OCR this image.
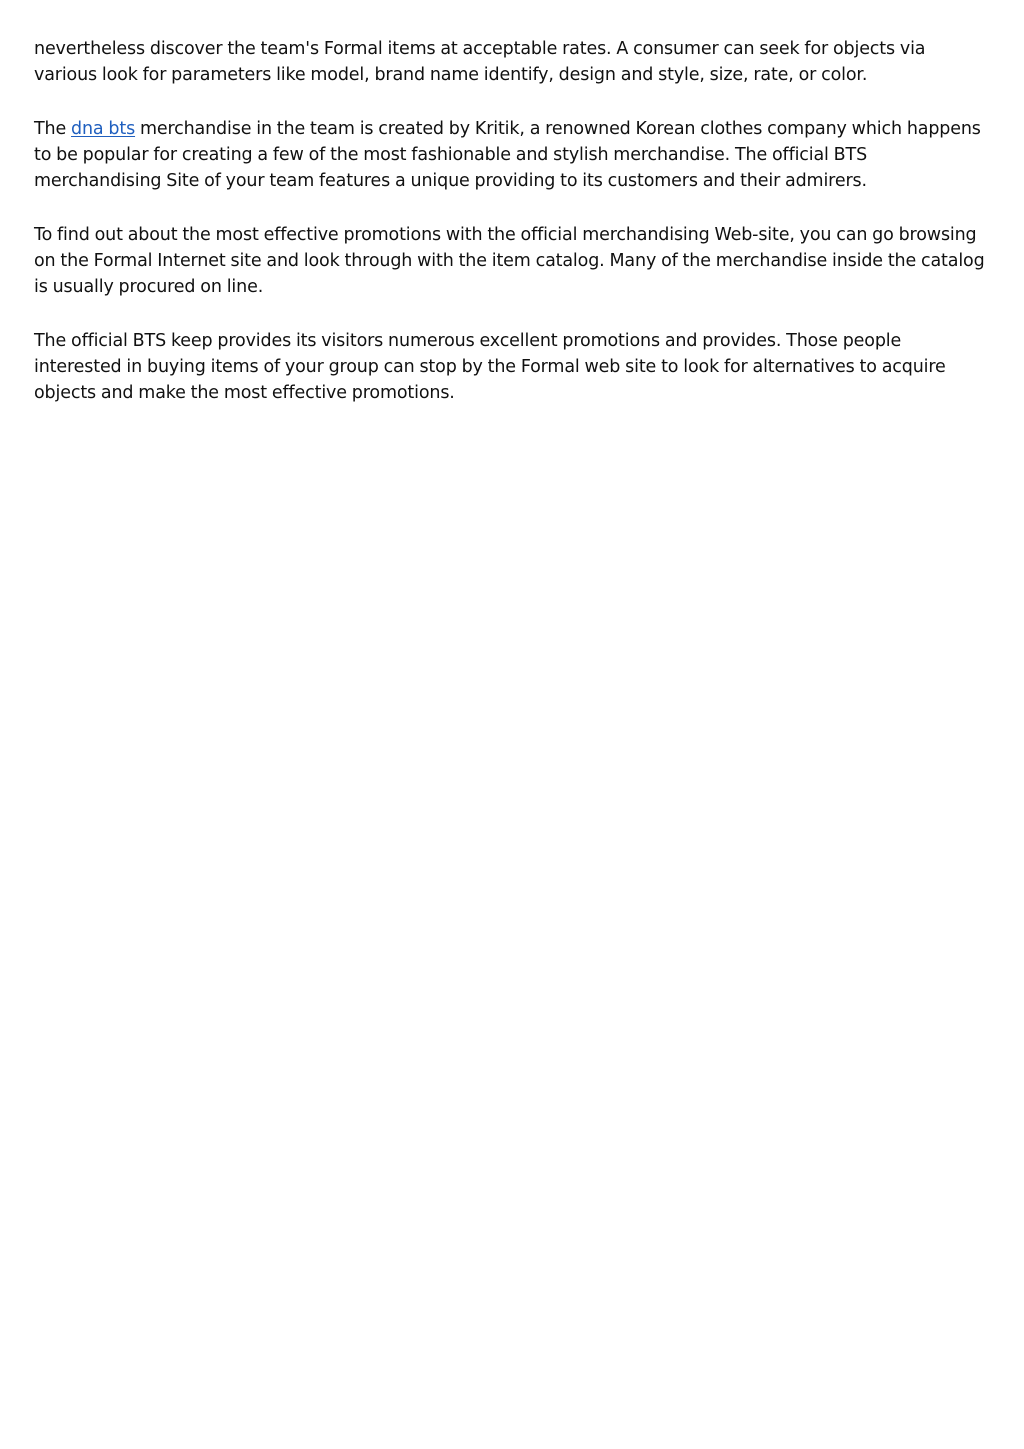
nevertheless discover the team's Formal items at acceptable rates. A consumer can seek for objects via various look for parameters like model, brand name identify, design and style, size, rate, or color.

The dna bts merchandise in the team is created by Kritik, a renowned Korean clothes company which happens to be popular for creating a few of the most fashionable and stylish merchandise. The official BTS merchandising Site of your team features a unique providing to its customers and their admirers.

To find out about the most effective promotions with the official merchandising Web-site, you can go browsing on the Formal Internet site and look through with the item catalog. Many of the merchandise inside the catalog is usually procured on line.

The official BTS keep provides its visitors numerous excellent promotions and provides. Those people interested in buying items of your group can stop by the Formal web site to look for alternatives to acquire objects and make the most effective promotions.
